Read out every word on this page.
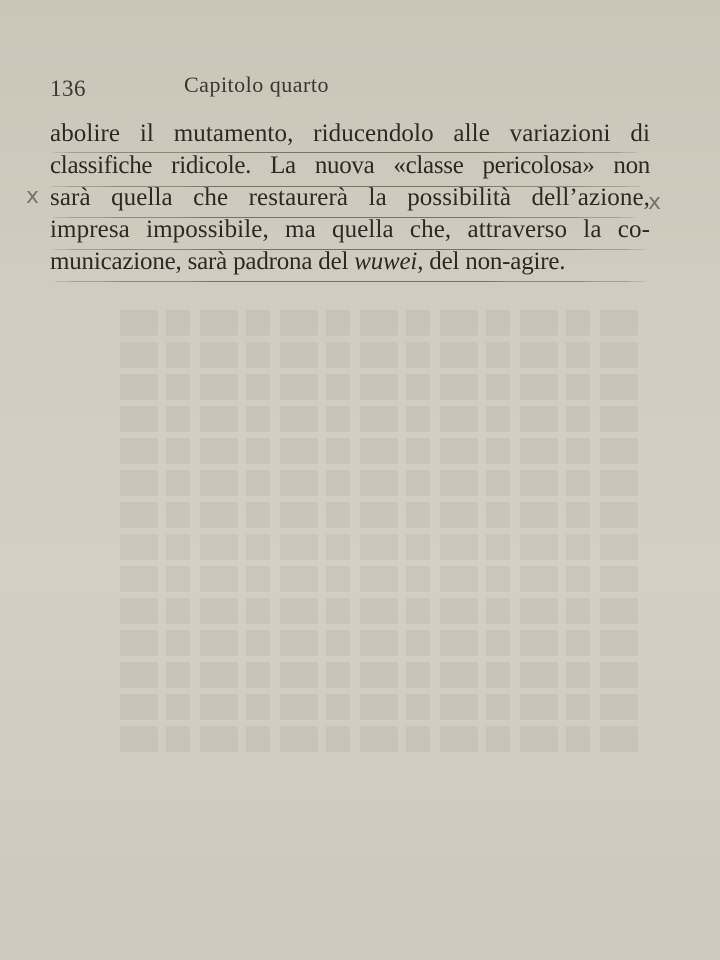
136	Capitolo quarto
abolire il mutamento, riducendolo alle variazioni di
classifiche ridicole. La nuova «classe pericolosa» non
sarà quella che restaurerà la possibilità dell’azione,
impresa impossibile, ma quella che, attraverso la co-
municazione, sarà padrona del wuwei, del non-agire.
x	x
